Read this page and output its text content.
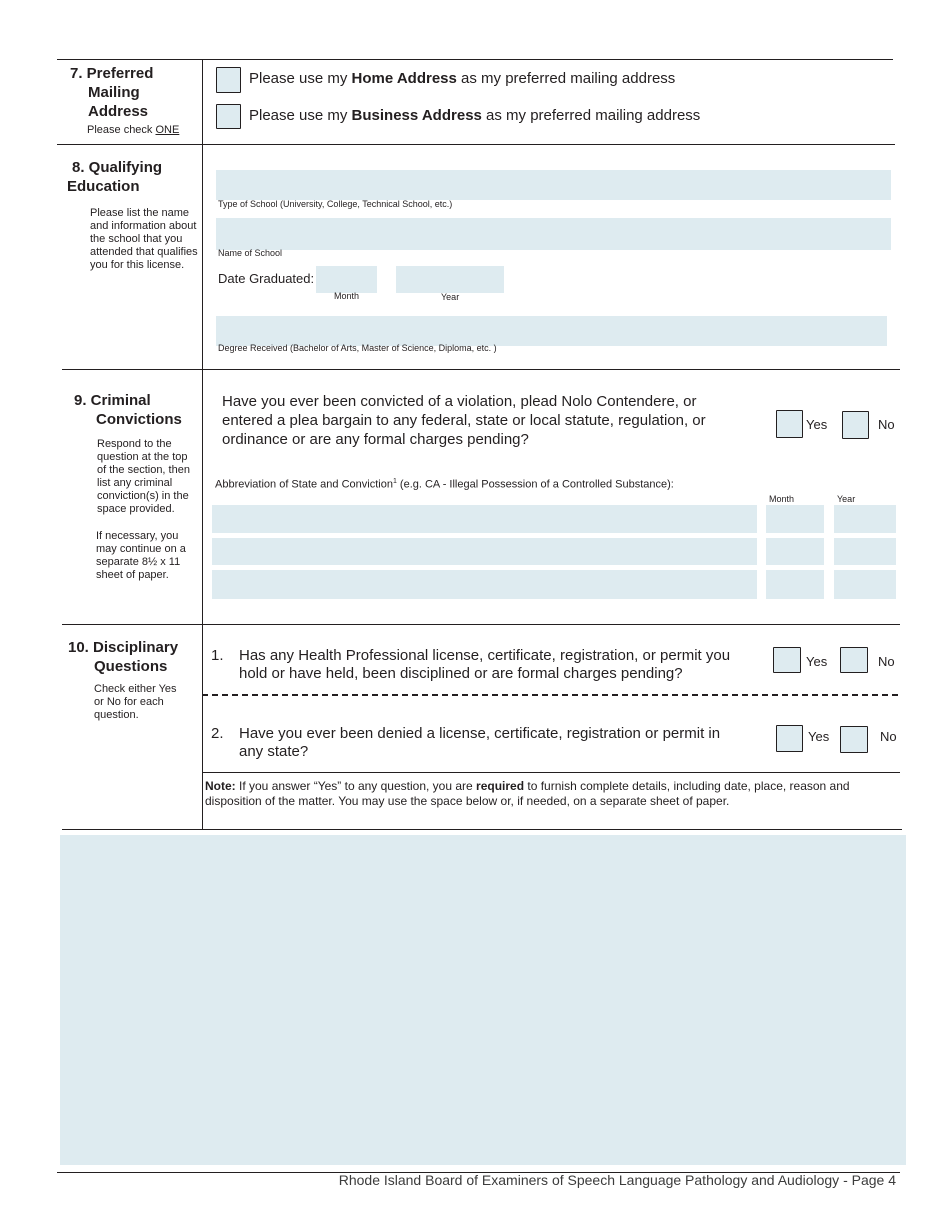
7. Preferred
Mailing
Address
Please check ONE
Please use my Home Address as my preferred mailing address
Please use my Business Address as my preferred mailing address
8. Qualifying
Education
Please list the name
and information about
the school that you
attended that qualifies
you for this license.
Type of School (University, College, Technical School, etc.)
Name of School
Date Graduated:
Month	Year
Degree Received (Bachelor of Arts, Master of Science, Diploma, etc. )
9. Criminal
Convictions
Respond to the
question at the top
of the section, then
list any criminal
conviction(s) in the
space provided.
If necessary, you
may continue on a
separate 8½ x 11
sheet of paper.
Have you ever been convicted of a violation, plead Nolo Contendere, or
entered a plea bargain to any federal, state or local statute, regulation, or
ordinance or are any formal charges pending?
Yes	No
Abbreviation of State and Conviction$^1$ (e.g. CA - Illegal Possession of a Controlled Substance):
Month	Year
10. Disciplinary
Questions
Check either Yes
or No for each
question.
1. Has any Health Professional license, certificate, registration, or permit you
hold or have held, been disciplined or are formal charges pending?
Yes	No
2. Have you ever been denied a license, certificate, registration or permit in
any state?
Yes	No
Note: If you answer “Yes” to any question, you are required to furnish complete details, including date, place, reason and
disposition of the matter. You may use the space below or, if needed, on a separate sheet of paper.
Rhode Island Board of Examiners of Speech Language Pathology and Audiology - Page 4
